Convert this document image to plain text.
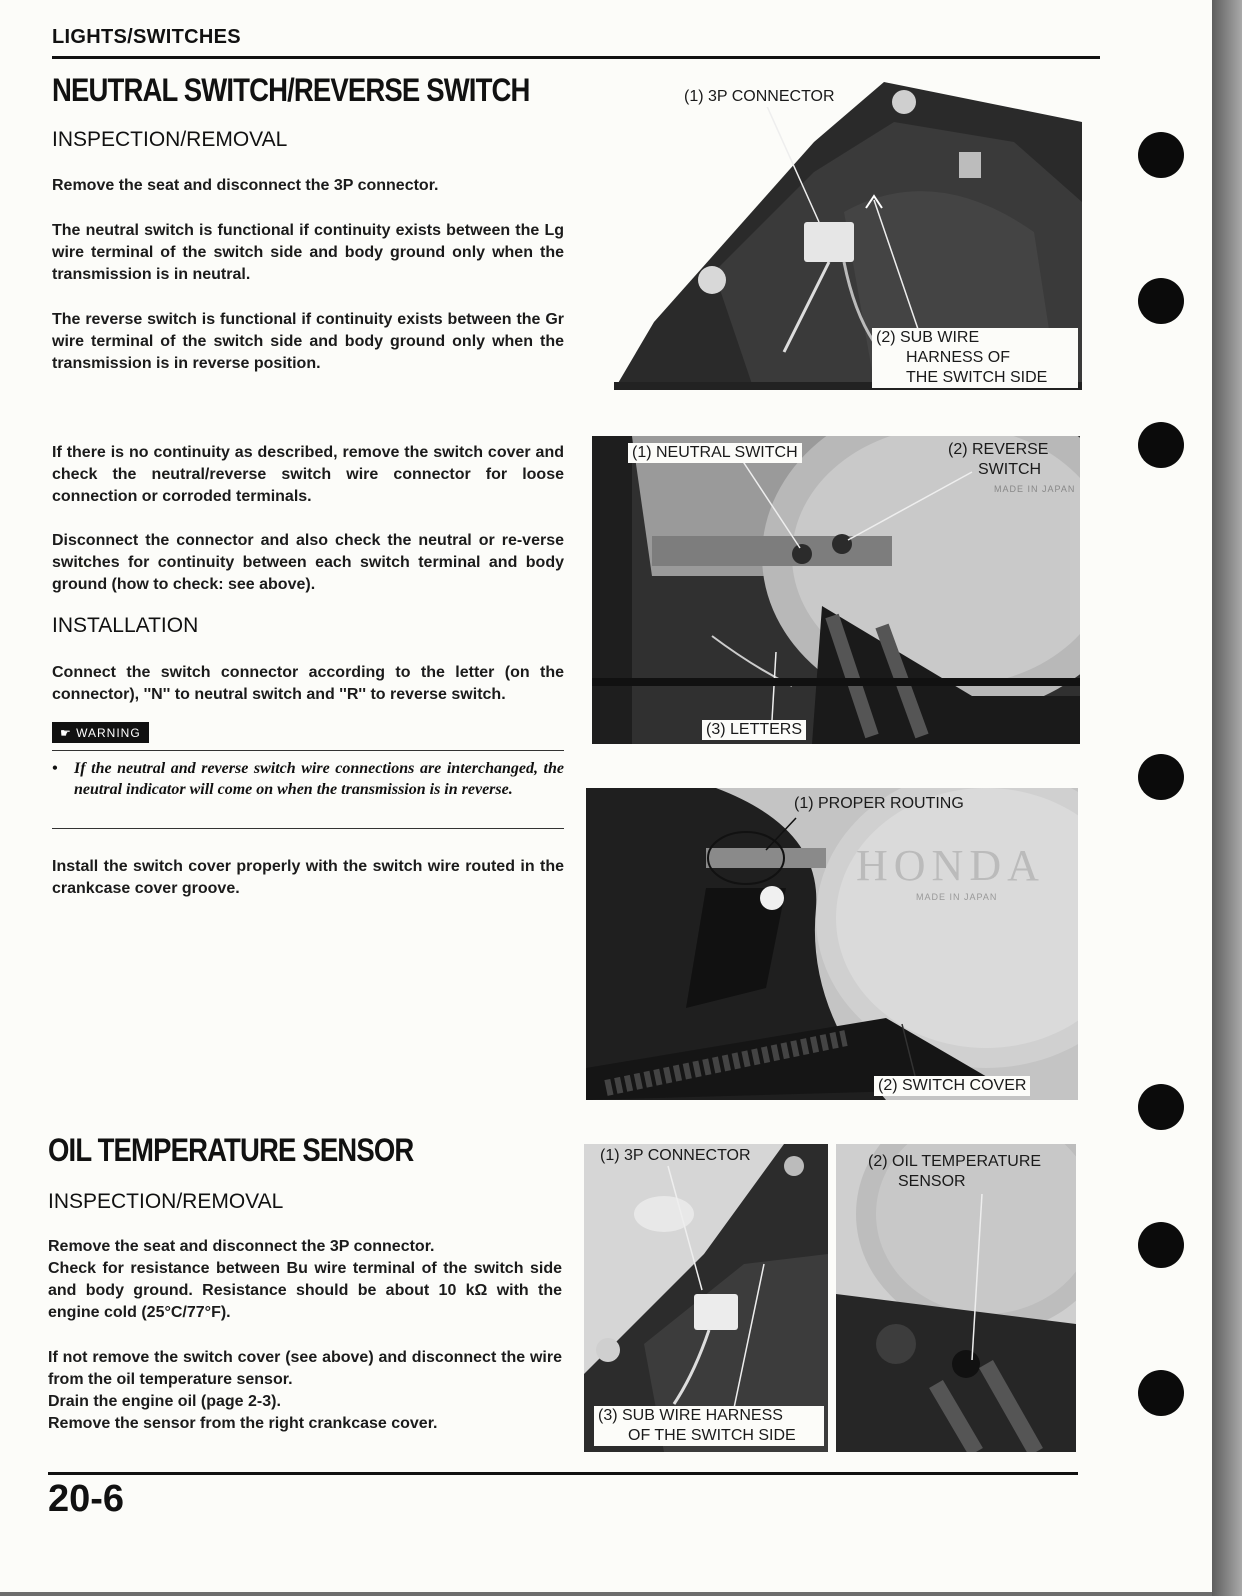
LIGHTS/SWITCHES
NEUTRAL SWITCH/REVERSE SWITCH
INSPECTION/REMOVAL
Remove the seat and disconnect the 3P connector.
The neutral switch is functional if continuity exists between the Lg wire terminal of the switch side and body ground only when the transmission is in neutral.
The reverse switch is functional if continuity exists between the Gr wire terminal of the switch side and body ground only when the transmission is in reverse position.
If there is no continuity as described, remove the switch cover and check the neutral/reverse switch wire connector for loose connection or corroded terminals.
Disconnect the connector and also check the neutral or re-verse switches for continuity between each switch terminal and body ground (how to check: see above).
INSTALLATION
Connect the switch connector according to the letter (on the connector), ''N'' to neutral switch and ''R'' to reverse switch.
☛ WARNING
• If the neutral and reverse switch wire connections are interchanged, the neutral indicator will come on when the transmission is in reverse.
Install the switch cover properly with the switch wire routed in the crankcase cover groove.
(1) 3P CONNECTOR
(2) SUB WIRE
HARNESS OF
THE SWITCH SIDE
(1) NEUTRAL SWITCH	(2) REVERSE
SWITCH
MADE IN JAPAN
(3) LETTERS
(1) PROPER ROUTING
HONDA
MADE IN JAPAN
(2) SWITCH COVER
OIL TEMPERATURE SENSOR
INSPECTION/REMOVAL
Remove the seat and disconnect the 3P connector.
Check for resistance between Bu wire terminal of the switch side and body ground. Resistance should be about 10 kΩ with the engine cold (25°C/77°F).
If not remove the switch cover (see above) and disconnect the wire from the oil temperature sensor.
Drain the engine oil (page 2-3).
Remove the sensor from the right crankcase cover.
(1) 3P CONNECTOR
(3) SUB WIRE HARNESS
OF THE SWITCH SIDE
(2) OIL TEMPERATURE
SENSOR
20-6
